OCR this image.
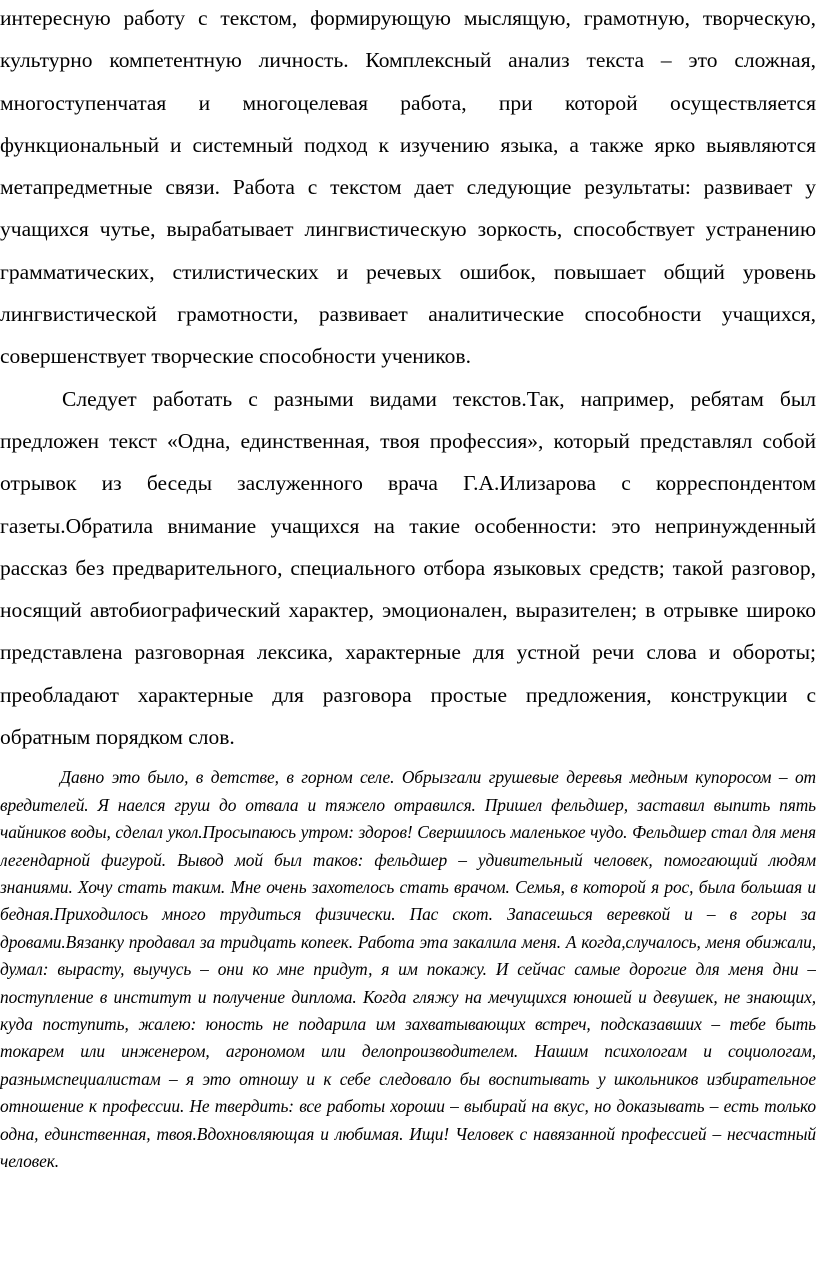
интересную работу с текстом, формирующую мыслящую, грамотную, творческую, культурно компетентную личность. Комплексный анализ текста – это сложная, многоступенчатая и многоцелевая работа, при которой осуществляется функциональный и системный подход к изучению языка, а также ярко выявляются метапредметные связи. Работа с текстом дает следующие результаты: развивает у учащихся чутье, вырабатывает лингвистическую зоркость, способствует устранению грамматических, стилистических и речевых ошибок, повышает общий уровень лингвистической грамотности, развивает аналитические способности учащихся, совершенствует творческие способности учеников.

Следует работать с разными видами текстов.Так, например, ребятам был предложен текст «Одна, единственная, твоя профессия», который представлял собой отрывок из беседы заслуженного врача Г.А.Илизарова с корреспондентом газеты.Обратила внимание учащихся на такие особенности: это непринужденный рассказ без предварительного, специального отбора языковых средств; такой разговор, носящий автобиографический характер, эмоционален, выразителен; в отрывке широко представлена разговорная лексика, характерные для устной речи слова и обороты; преобладают характерные для разговора простые предложения, конструкции с обратным порядком слов.

Давно это было, в детстве, в горном селе. Обрызгали грушевые деревья медным купоросом – от вредителей. Я наелся груш до отвала и тяжело отравился. Пришел фельдшер, заставил выпить пять чайников воды, сделал укол.Просыпаюсь утром: здоров! Свершилось маленькое чудо. Фельдшер стал для меня легендарной фигурой. Вывод мой был таков: фельдшер – удивительный человек, помогающий людям знаниями. Хочу стать таким. Мне очень захотелось стать врачом. Семья, в которой я рос, была большая и бедная.Приходилось много трудиться физически. Пас скот. Запасешься веревкой и – в горы за дровами.Вязанку продавал за тридцать копеек. Работа эта закалила меня. А когда,случалось, меня обижали, думал: вырасту, выучусь – они ко мне придут, я им покажу. И сейчас самые дорогие для меня дни – поступление в институт и получение диплома. Когда гляжу на мечущихся юношей и девушек, не знающих, куда поступить, жалею: юность не подарила им захватывающих встреч, подсказавших – тебе быть токарем или инженером, агрономом или делопроизводителем. Нашим психологам и социологам, разнымспециалистам – я это отношу и к себе следовало бы воспитывать у школьников избирательное отношение к профессии. Не твердить: все работы хороши – выбирай на вкус, но доказывать – есть только одна, единственная, твоя.Вдохновляющая и любимая. Ищи! Человек с навязанной профессией – несчастный человек.
